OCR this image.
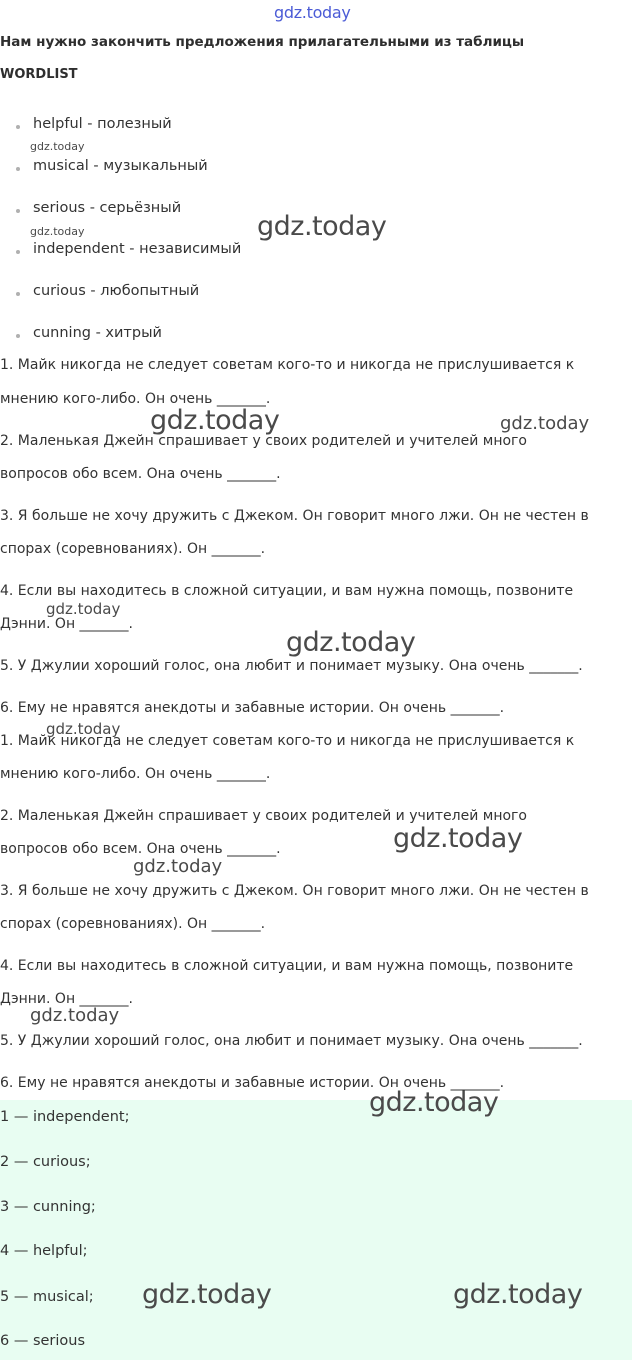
gdz.today
Нам нужно закончить предложения прилагательными из таблицы
WORDLIST
helpful - полезный
musical - музыкальный
serious - серьёзный
independent - независимый
curious - любопытный
cunning - хитрый
1. Майк никогда не следует советам кого-то и никогда не прислушивается к
мнению кого-либо. Он очень _______.
2. Маленькая Джейн спрашивает у своих родителей и учителей много
вопросов обо всем. Она очень _______.
3. Я больше не хочу дружить с Джеком. Он говорит много лжи. Он не честен в
спорах (соревнованиях). Он _______.
4. Если вы находитесь в сложной ситуации, и вам нужна помощь, позвоните
Дэнни. Он _______.
5. У Джулии хороший голос, она любит и понимает музыку. Она очень _______.
6. Ему не нравятся анекдоты и забавные истории. Он очень _______.
1. Майк никогда не следует советам кого-то и никогда не прислушивается к
мнению кого-либо. Он очень _______.
2. Маленькая Джейн спрашивает у своих родителей и учителей много
вопросов обо всем. Она очень _______.
3. Я больше не хочу дружить с Джеком. Он говорит много лжи. Он не честен в
спорах (соревнованиях). Он _______.
4. Если вы находитесь в сложной ситуации, и вам нужна помощь, позвоните
Дэнни. Он _______.
5. У Джулии хороший голос, она любит и понимает музыку. Она очень _______.
6. Ему не нравятся анекдоты и забавные истории. Он очень _______.
1 — independent;
2 — curious;
3 — cunning;
4 — helpful;
5 — musical;
6 — serious
gdz.today
gdz.today	gdz.today
gdz.today	gdz.today
gdz.today
gdz.today
gdz.today
gdz.today
gdz.today
gdz.today
gdz.today
gdz.today	gdz.today
